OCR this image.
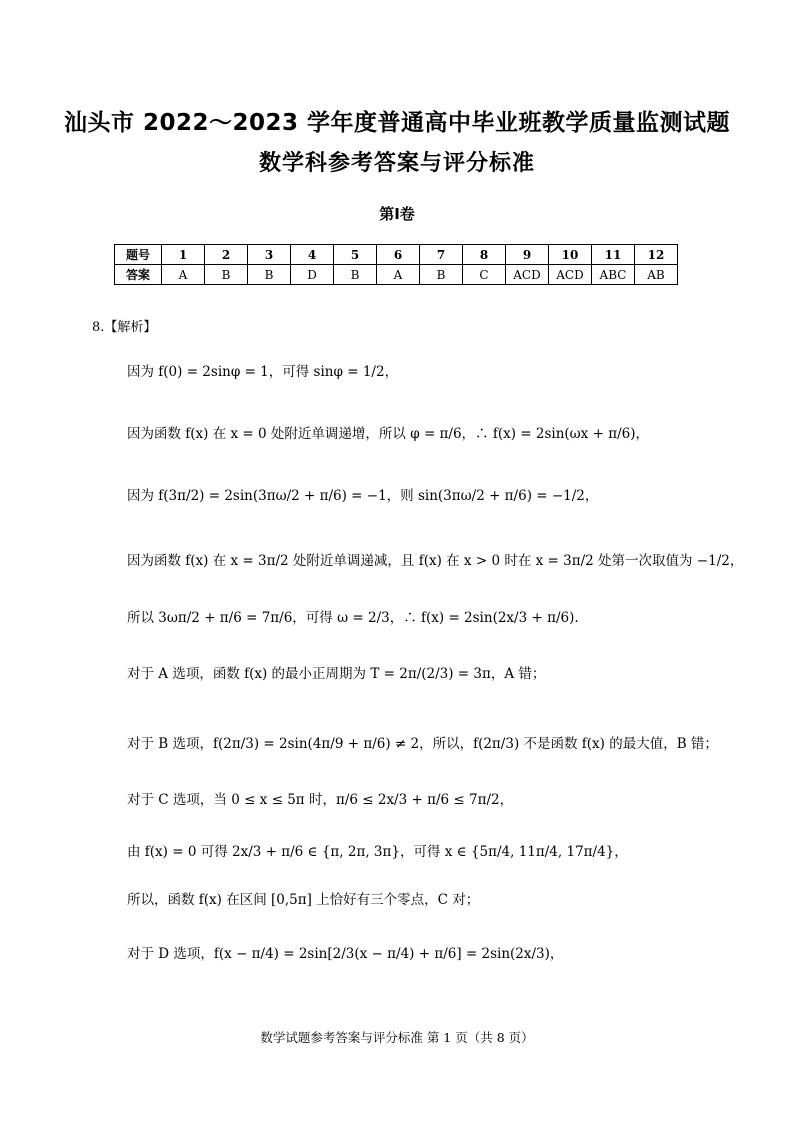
汕头市 2022～2023 学年度普通高中毕业班教学质量监测试题
数学科参考答案与评分标准
第Ⅰ卷
题号	1	2	3	4	5	6	7	8	9	10	11	12
答案	A	B	B	D	B	A	B	C	ACD	ACD	ABC	AB
8.【解析】
因为 f(0) = 2sinφ = 1，可得 sinφ = 1/2，
因为函数 f(x) 在 x = 0 处附近单调递增，所以 φ = π/6，∴ f(x) = 2sin(ωx + π/6)，
因为 f(3π/2) = 2sin(3πω/2 + π/6) = −1，则 sin(3πω/2 + π/6) = −1/2，
因为函数 f(x) 在 x = 3π/2 处附近单调递减，且 f(x) 在 x > 0 时在 x = 3π/2 处第一次取值为 −1/2，
所以 3ωπ/2 + π/6 = 7π/6，可得 ω = 2/3，∴ f(x) = 2sin(2x/3 + π/6).
对于 A 选项，函数 f(x) 的最小正周期为 T = 2π/(2/3) = 3π，A 错；
对于 B 选项，f(2π/3) = 2sin(4π/9 + π/6) ≠ 2，所以，f(2π/3) 不是函数 f(x) 的最大值，B 错；
对于 C 选项，当 0 ≤ x ≤ 5π 时，π/6 ≤ 2x/3 + π/6 ≤ 7π/2，
由 f(x) = 0 可得 2x/3 + π/6 ∈ {π, 2π, 3π}，可得 x ∈ {5π/4, 11π/4, 17π/4}，
所以，函数 f(x) 在区间 [0,5π] 上恰好有三个零点，C 对；
对于 D 选项，f(x − π/4) = 2sin[2/3(x − π/4) + π/6] = 2sin(2x/3)，
数学试题参考答案与评分标准 第 1 页（共 8 页）
